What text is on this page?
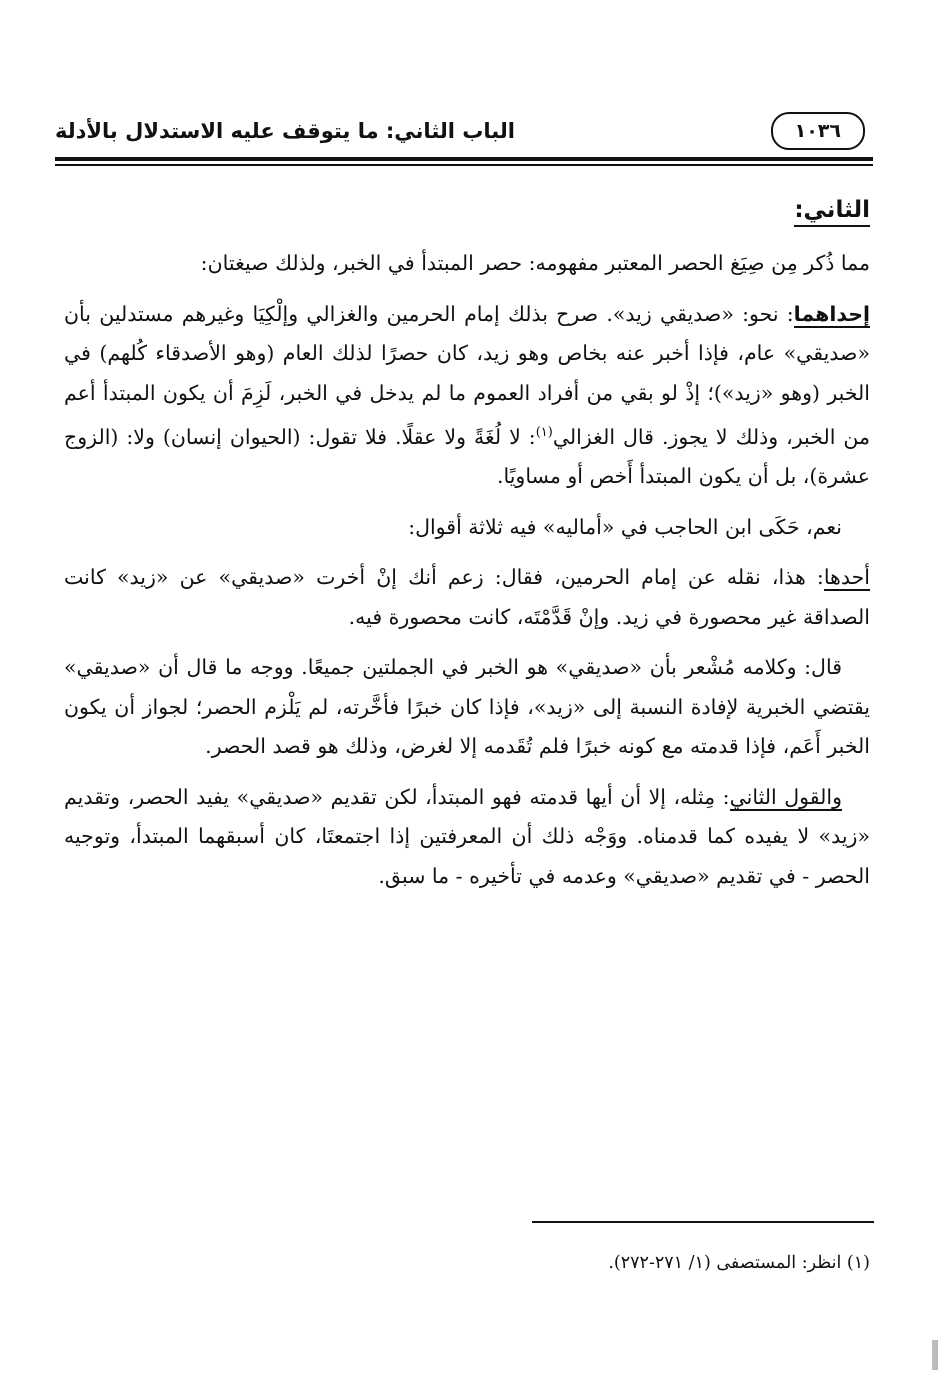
١٠٣٦
الباب الثاني: ما يتوقف عليه الاستدلال بالأدلة
الثاني:

مما ذُكر مِن صِيَغ الحصر المعتبر مفهومه: حصر المبتدأ في الخبر، ولذلك صيغتان:

إحداهما: نحو: «صديقي زيد». صرح بذلك إمام الحرمين والغزالي وإلْكِيَا وغيرهم مستدلين بأن «صديقي» عام، فإذا أخبر عنه بخاص وهو زيد، كان حصرًا لذلك العام (وهو الأصدقاء كُلهم) في الخبر (وهو «زيد»)؛ إذْ لو بقي من أفراد العموم ما لم يدخل في الخبر، لَزِمَ أن يكون المبتدأ أعم من الخبر، وذلك لا يجوز. قال الغزالي$^{(١)}$: لا لُغَةً ولا عقلًا. فلا تقول: (الحيوان إنسان) ولا: (الزوج عشرة)، بل أن يكون المبتدأ أَخص أو مساويًا.

نعم، حَكَى ابن الحاجب في «أماليه» فيه ثلاثة أقوال:

أحدها: هذا، نقله عن إمام الحرمين، فقال: زعم أنك إنْ أخرت «صديقي» عن «زيد» كانت الصداقة غير محصورة في زيد. وإنْ قَدَّمْتَه، كانت محصورة فيه.

قال: وكلامه مُشْعر بأن «صديقي» هو الخبر في الجملتين جميعًا. ووجه ما قال أن «صديقي» يقتضي الخبرية لإفادة النسبة إلى «زيد»، فإذا كان خبرًا فأخَّرته، لم يَلْزم الحصر؛ لجواز أن يكون الخبر أَعَم، فإذا قدمته مع كونه خبرًا فلم تُقَدمه إلا لغرض، وذلك هو قصد الحصر.

والقول الثاني: مِثله، إلا أن أيها قدمته فهو المبتدأ، لكن تقديم «صديقي» يفيد الحصر، وتقديم «زيد» لا يفيده كما قدمناه. ووَجْه ذلك أن المعرفتين إذا اجتمعتَا، كان أسبقهما المبتدأ، وتوجيه الحصر - في تقديم «صديقي» وعدمه في تأخيره - ما سبق.

(١) انظر: المستصفى (١/ ٢٧١-٢٧٢).
